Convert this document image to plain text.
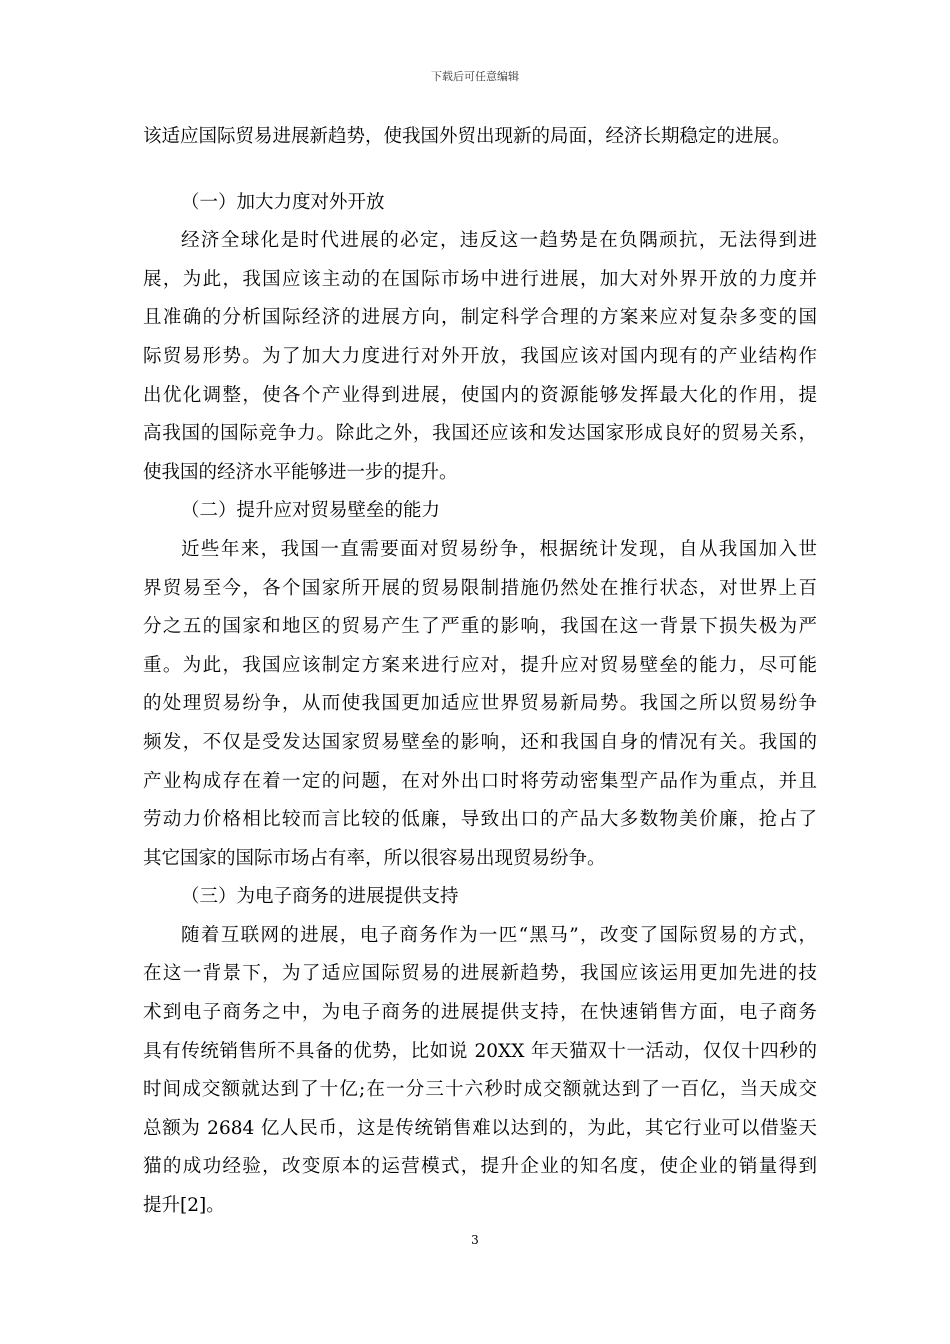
下载后可任意编辑
该适应国际贸易进展新趋势，使我国外贸出现新的局面，经济长期稳定的进展。
（一）加大力度对外开放
经济全球化是时代进展的必定，违反这一趋势是在负隅顽抗，无法得到进
展，为此，我国应该主动的在国际市场中进行进展，加大对外界开放的力度并
且准确的分析国际经济的进展方向，制定科学合理的方案来应对复杂多变的国
际贸易形势。为了加大力度进行对外开放，我国应该对国内现有的产业结构作
出优化调整，使各个产业得到进展，使国内的资源能够发挥最大化的作用，提
高我国的国际竞争力。除此之外，我国还应该和发达国家形成良好的贸易关系，
使我国的经济水平能够进一步的提升。
（二）提升应对贸易壁垒的能力
近些年来，我国一直需要面对贸易纷争，根据统计发现，自从我国加入世
界贸易至今，各个国家所开展的贸易限制措施仍然处在推行状态，对世界上百
分之五的国家和地区的贸易产生了严重的影响，我国在这一背景下损失极为严
重。为此，我国应该制定方案来进行应对，提升应对贸易壁垒的能力，尽可能
的处理贸易纷争，从而使我国更加适应世界贸易新局势。我国之所以贸易纷争
频发，不仅是受发达国家贸易壁垒的影响，还和我国自身的情况有关。我国的
产业构成存在着一定的问题，在对外出口时将劳动密集型产品作为重点，并且
劳动力价格相比较而言比较的低廉，导致出口的产品大多数物美价廉，抢占了
其它国家的国际市场占有率，所以很容易出现贸易纷争。
（三）为电子商务的进展提供支持
随着互联网的进展，电子商务作为一匹“黑马”，改变了国际贸易的方式，
在这一背景下，为了适应国际贸易的进展新趋势，我国应该运用更加先进的技
术到电子商务之中，为电子商务的进展提供支持，在快速销售方面，电子商务
具有传统销售所不具备的优势，比如说 20XX 年天猫双十一活动，仅仅十四秒的
时间成交额就达到了十亿;在一分三十六秒时成交额就达到了一百亿，当天成交
总额为 2684 亿人民币，这是传统销售难以达到的，为此，其它行业可以借鉴天
猫的成功经验，改变原本的运营模式，提升企业的知名度，使企业的销量得到
提升[2]。
3
